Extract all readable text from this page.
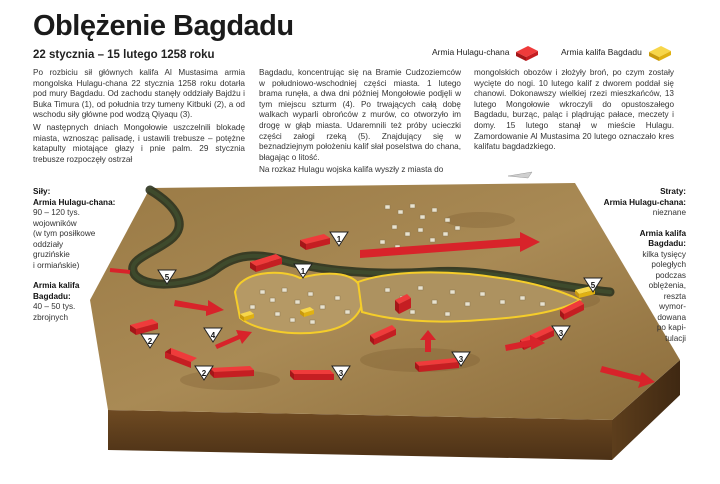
Oblężenie Bagdadu
22 stycznia – 15 lutego 1258 roku	Armia Hulagu-chana	Armia kalifa Bagdadu

Po rozbiciu sił głównych kalifa Al Mustasima armia mongolska Hulagu-chana 22 stycznia 1258 roku dotarła pod mury Bagdadu. Od zachodu stanęły oddziały Bajdżu i Buka Timura (1), od południa trzy tumeny Kitbuki (2), a od wschodu siły główne pod wodzą Qiyaqu (3).

W następnych dniach Mongołowie uszczelnili blokadę miasta, wznosząc palisadę, i ustawili trebusze – potężne katapulty miotające głazy i pnie palm. 29 stycznia trebusze rozpoczęły ostrzał

Bagdadu, koncentrując się na Bramie Cudzoziemców w południowo-wschodniej części miasta. 1 lutego brama runęła, a dwa dni później Mongołowie podjęli w tym miejscu szturm (4). Po trwających całą dobę walkach wyparli obrońców z murów, co otworzyło im drogę w głąb miasta. Udaremnili też próby ucieczki części załogi rzeką (5). Znajdujący się w beznadziejnym położeniu kalif słał poselstwa do chana, błagając o litość.

Na rozkaz Hulagu wojska kalifa wyszły z miasta do

mongolskich obozów i złożyły broń, po czym zostały wycięte do nogi. 10 lutego kalif z dworem poddał się chanowi. Dokonawszy wielkiej rzezi mieszkańców, 13 lutego Mongołowie wkroczyli do opustoszałego Bagdadu, burząc, paląc i plądrując pałace, meczety i domy. 15 lutego stanął w mieście Hulagu. Zamordowanie Al Mustasima 20 lutego oznaczało kres kalifatu bagdadzkiego.

1
1
2
2	3
3
3
4
5
5
Siły:
Armia Hulagu-chana:
90 – 120 tys.
wojowników
(w tym posiłkowe
oddziały
gruzińskie
i ormiańskie)
Armia kalifa
Bagdadu:
40 – 50 tys.
zbrojnych
Straty:
Armia Hulagu-chana:
nieznane
Armia kalifa
Bagdadu:
kilka tysięcy
poległych
podczas
oblężenia,
reszta
wymor-
dowana
po kapi-
tulacji
